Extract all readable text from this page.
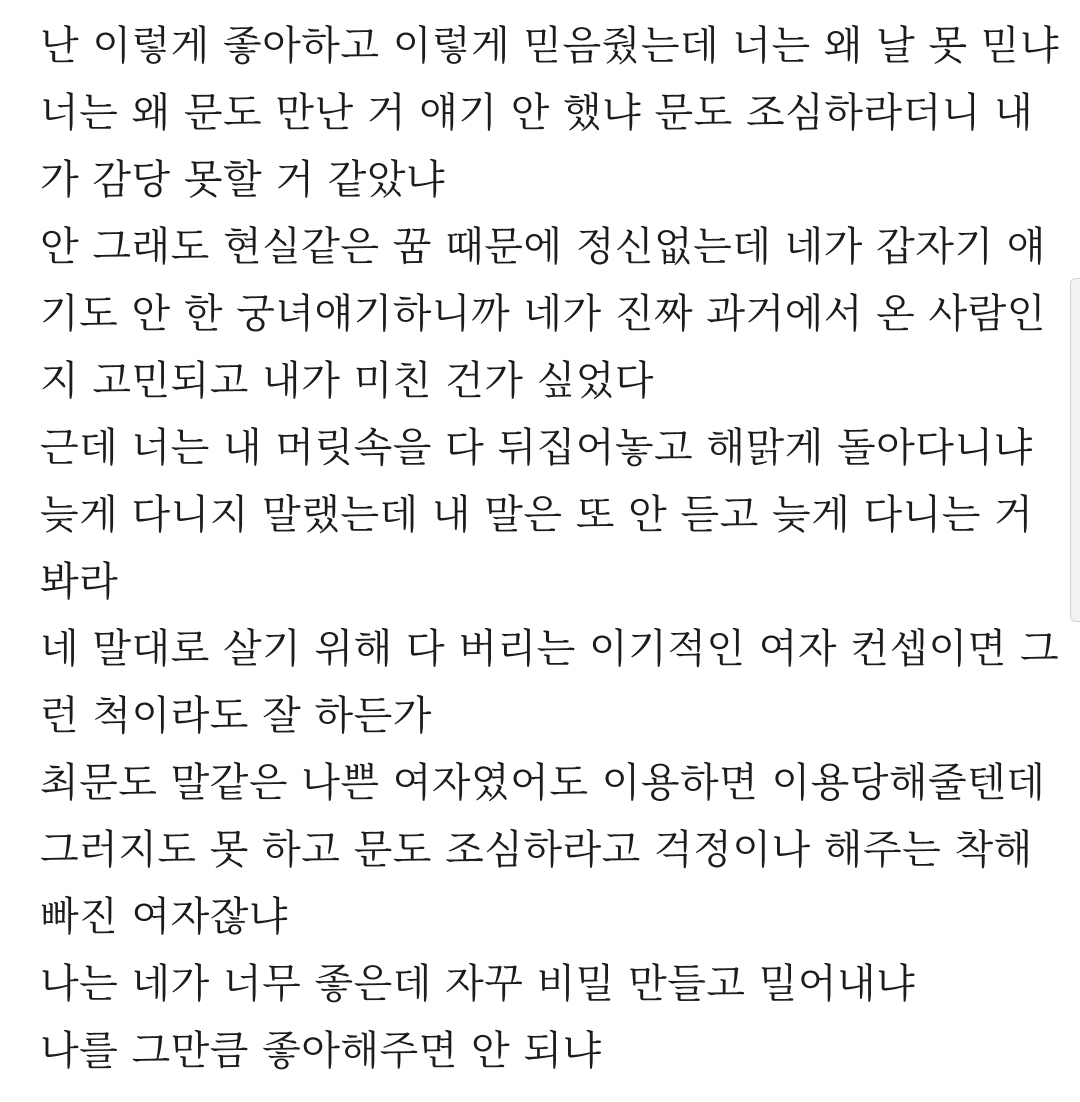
난 이렇게 좋아하고 이렇게 믿음줬는데 너는 왜 날 못 믿냐
너는 왜 문도 만난 거 얘기 안 했냐 문도 조심하라더니 내
가 감당 못할 거 같았냐
안 그래도 현실같은 꿈 때문에 정신없는데 네가 갑자기 얘
기도 안 한 궁녀얘기하니까 네가 진짜 과거에서 온 사람인
지 고민되고 내가 미친 건가 싶었다
근데 너는 내 머릿속을 다 뒤집어놓고 해맑게 돌아다니냐
늦게 다니지 말랬는데 내 말은 또 안 듣고 늦게 다니는 거
봐라
네 말대로 살기 위해 다 버리는 이기적인 여자 컨셉이면 그
런 척이라도 잘 하든가
최문도 말같은 나쁜 여자였어도 이용하면 이용당해줄텐데
그러지도 못 하고 문도 조심하라고 걱정이나 해주는 착해
빠진 여자잖냐
나는 네가 너무 좋은데 자꾸 비밀 만들고 밀어내냐
나를 그만큼 좋아해주면 안 되냐
